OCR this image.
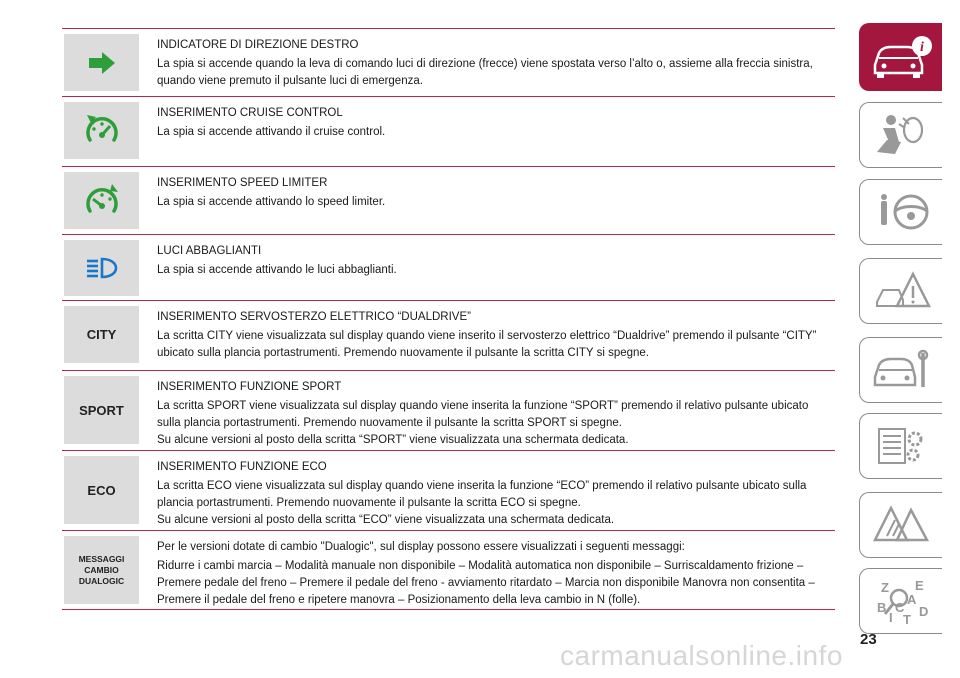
INDICATORE DI DIREZIONE DESTRO

La spia si accende quando la leva di comando luci di direzione (frecce) viene spostata verso l’alto o, assieme alla freccia sinistra, quando viene premuto il pulsante luci di emergenza.

INSERIMENTO CRUISE CONTROL

La spia si accende attivando il cruise control.

INSERIMENTO SPEED LIMITER

La spia si accende attivando lo speed limiter.

LUCI ABBAGLIANTI

La spia si accende attivando le luci abbaglianti.

CITY

INSERIMENTO SERVOSTERZO ELETTRICO “DUALDRIVE”

La scritta CITY viene visualizzata sul display quando viene inserito il servosterzo elettrico “Dualdrive” premendo il pulsante “CITY” ubicato sulla plancia portastrumenti. Premendo nuovamente il pulsante la scritta CITY si spegne.

SPORT

INSERIMENTO FUNZIONE SPORT

La scritta SPORT viene visualizzata sul display quando viene inserita la funzione “SPORT” premendo il relativo pulsante ubicato sulla plancia portastrumenti. Premendo nuovamente il pulsante la scritta SPORT si spegne.

Su alcune versioni al posto della scritta “SPORT” viene visualizzata una schermata dedicata.

ECO

INSERIMENTO FUNZIONE ECO

La scritta ECO viene visualizzata sul display quando viene inserita la funzione “ECO” premendo il relativo pulsante ubicato sulla plancia portastrumenti. Premendo nuovamente il pulsante la scritta ECO si spegne.

Su alcune versioni al posto della scritta “ECO” viene visualizzata una schermata dedicata.

MESSAGGI
CAMBIO
DUALOGIC

Per le versioni dotate di cambio "Dualogic", sul display possono essere visualizzati i seguenti messaggi:

Ridurre i cambi marcia – Modalità manuale non disponibile – Modalità automatica non disponibile – Surriscaldamento frizione – Premere pedale del freno – Premere il pedale del freno - avviamento ritardato – Marcia non disponibile Manovra non consentita – Premere il pedale del freno e ripetere manovra – Posizionamento della leva cambio in N (folle).

i
Z E
A
B C
I T
D
23
carmanualsonline.info
